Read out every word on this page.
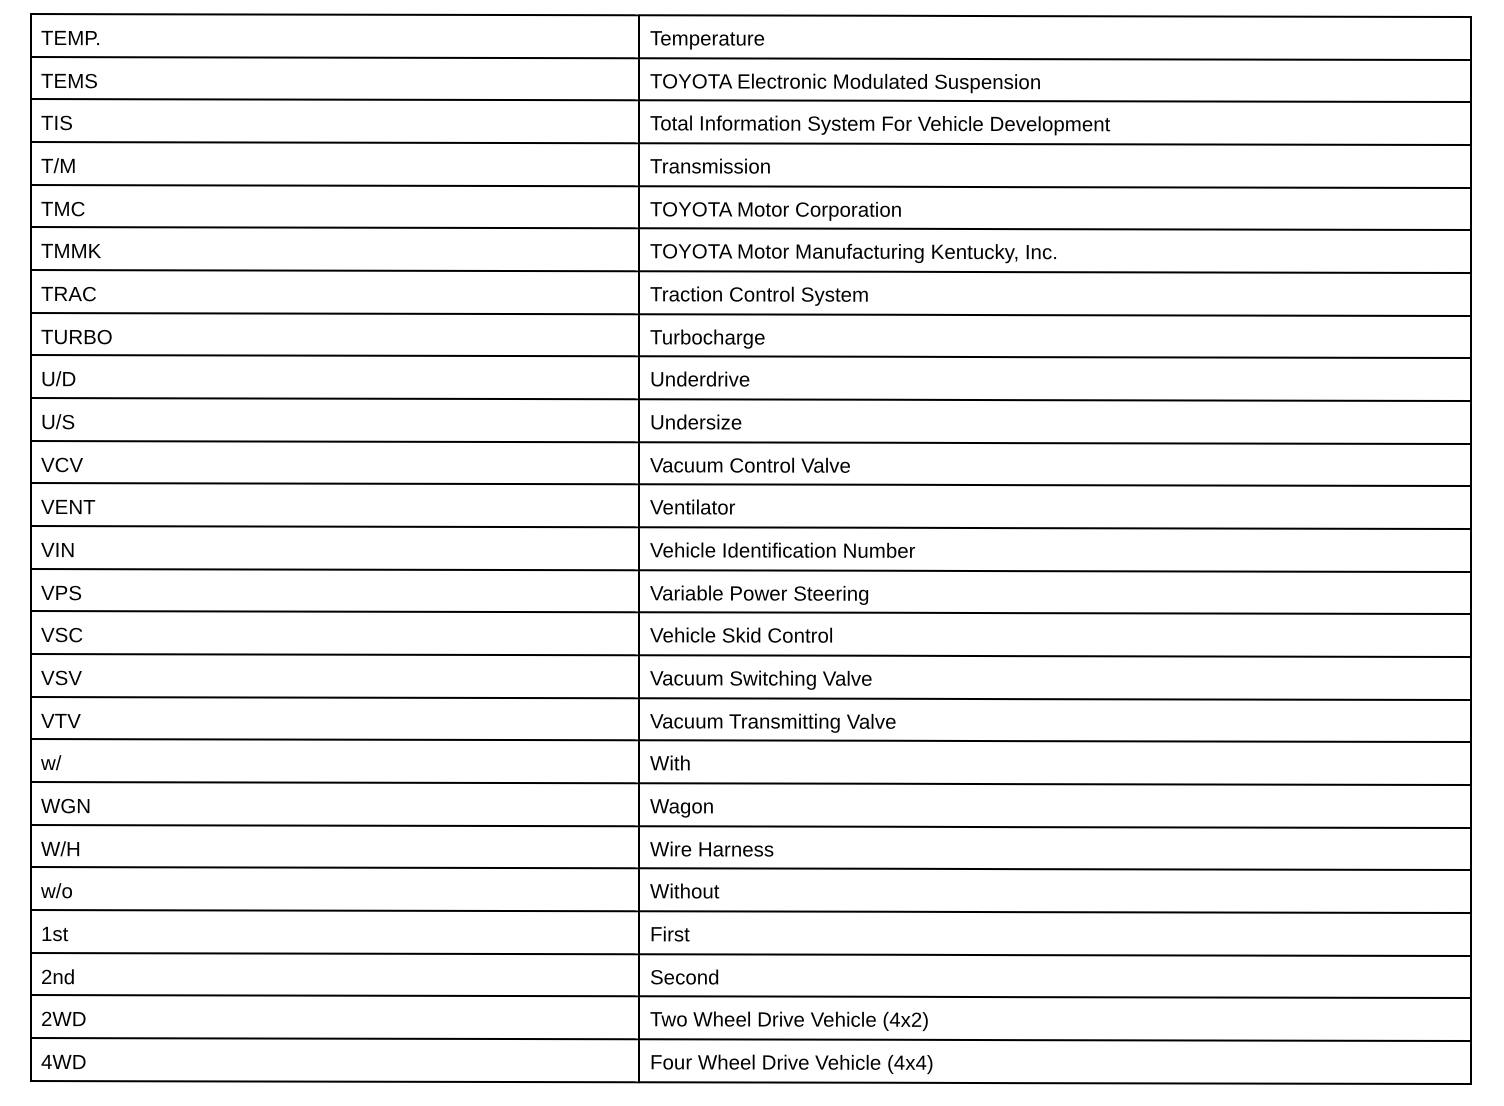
TEMP.	Temperature
TEMS	TOYOTA Electronic Modulated Suspension
TIS	Total Information System For Vehicle Development
T/M	Transmission
TMC	TOYOTA Motor Corporation
TMMK	TOYOTA Motor Manufacturing Kentucky, Inc.
TRAC	Traction Control System
TURBO	Turbocharge
U/D	Underdrive
U/S	Undersize
VCV	Vacuum Control Valve
VENT	Ventilator
VIN	Vehicle Identification Number
VPS	Variable Power Steering
VSC	Vehicle Skid Control
VSV	Vacuum Switching Valve
VTV	Vacuum Transmitting Valve
w/	With
WGN	Wagon
W/H	Wire Harness
w/o	Without
1st	First
2nd	Second
2WD	Two Wheel Drive Vehicle (4x2)
4WD	Four Wheel Drive Vehicle (4x4)
